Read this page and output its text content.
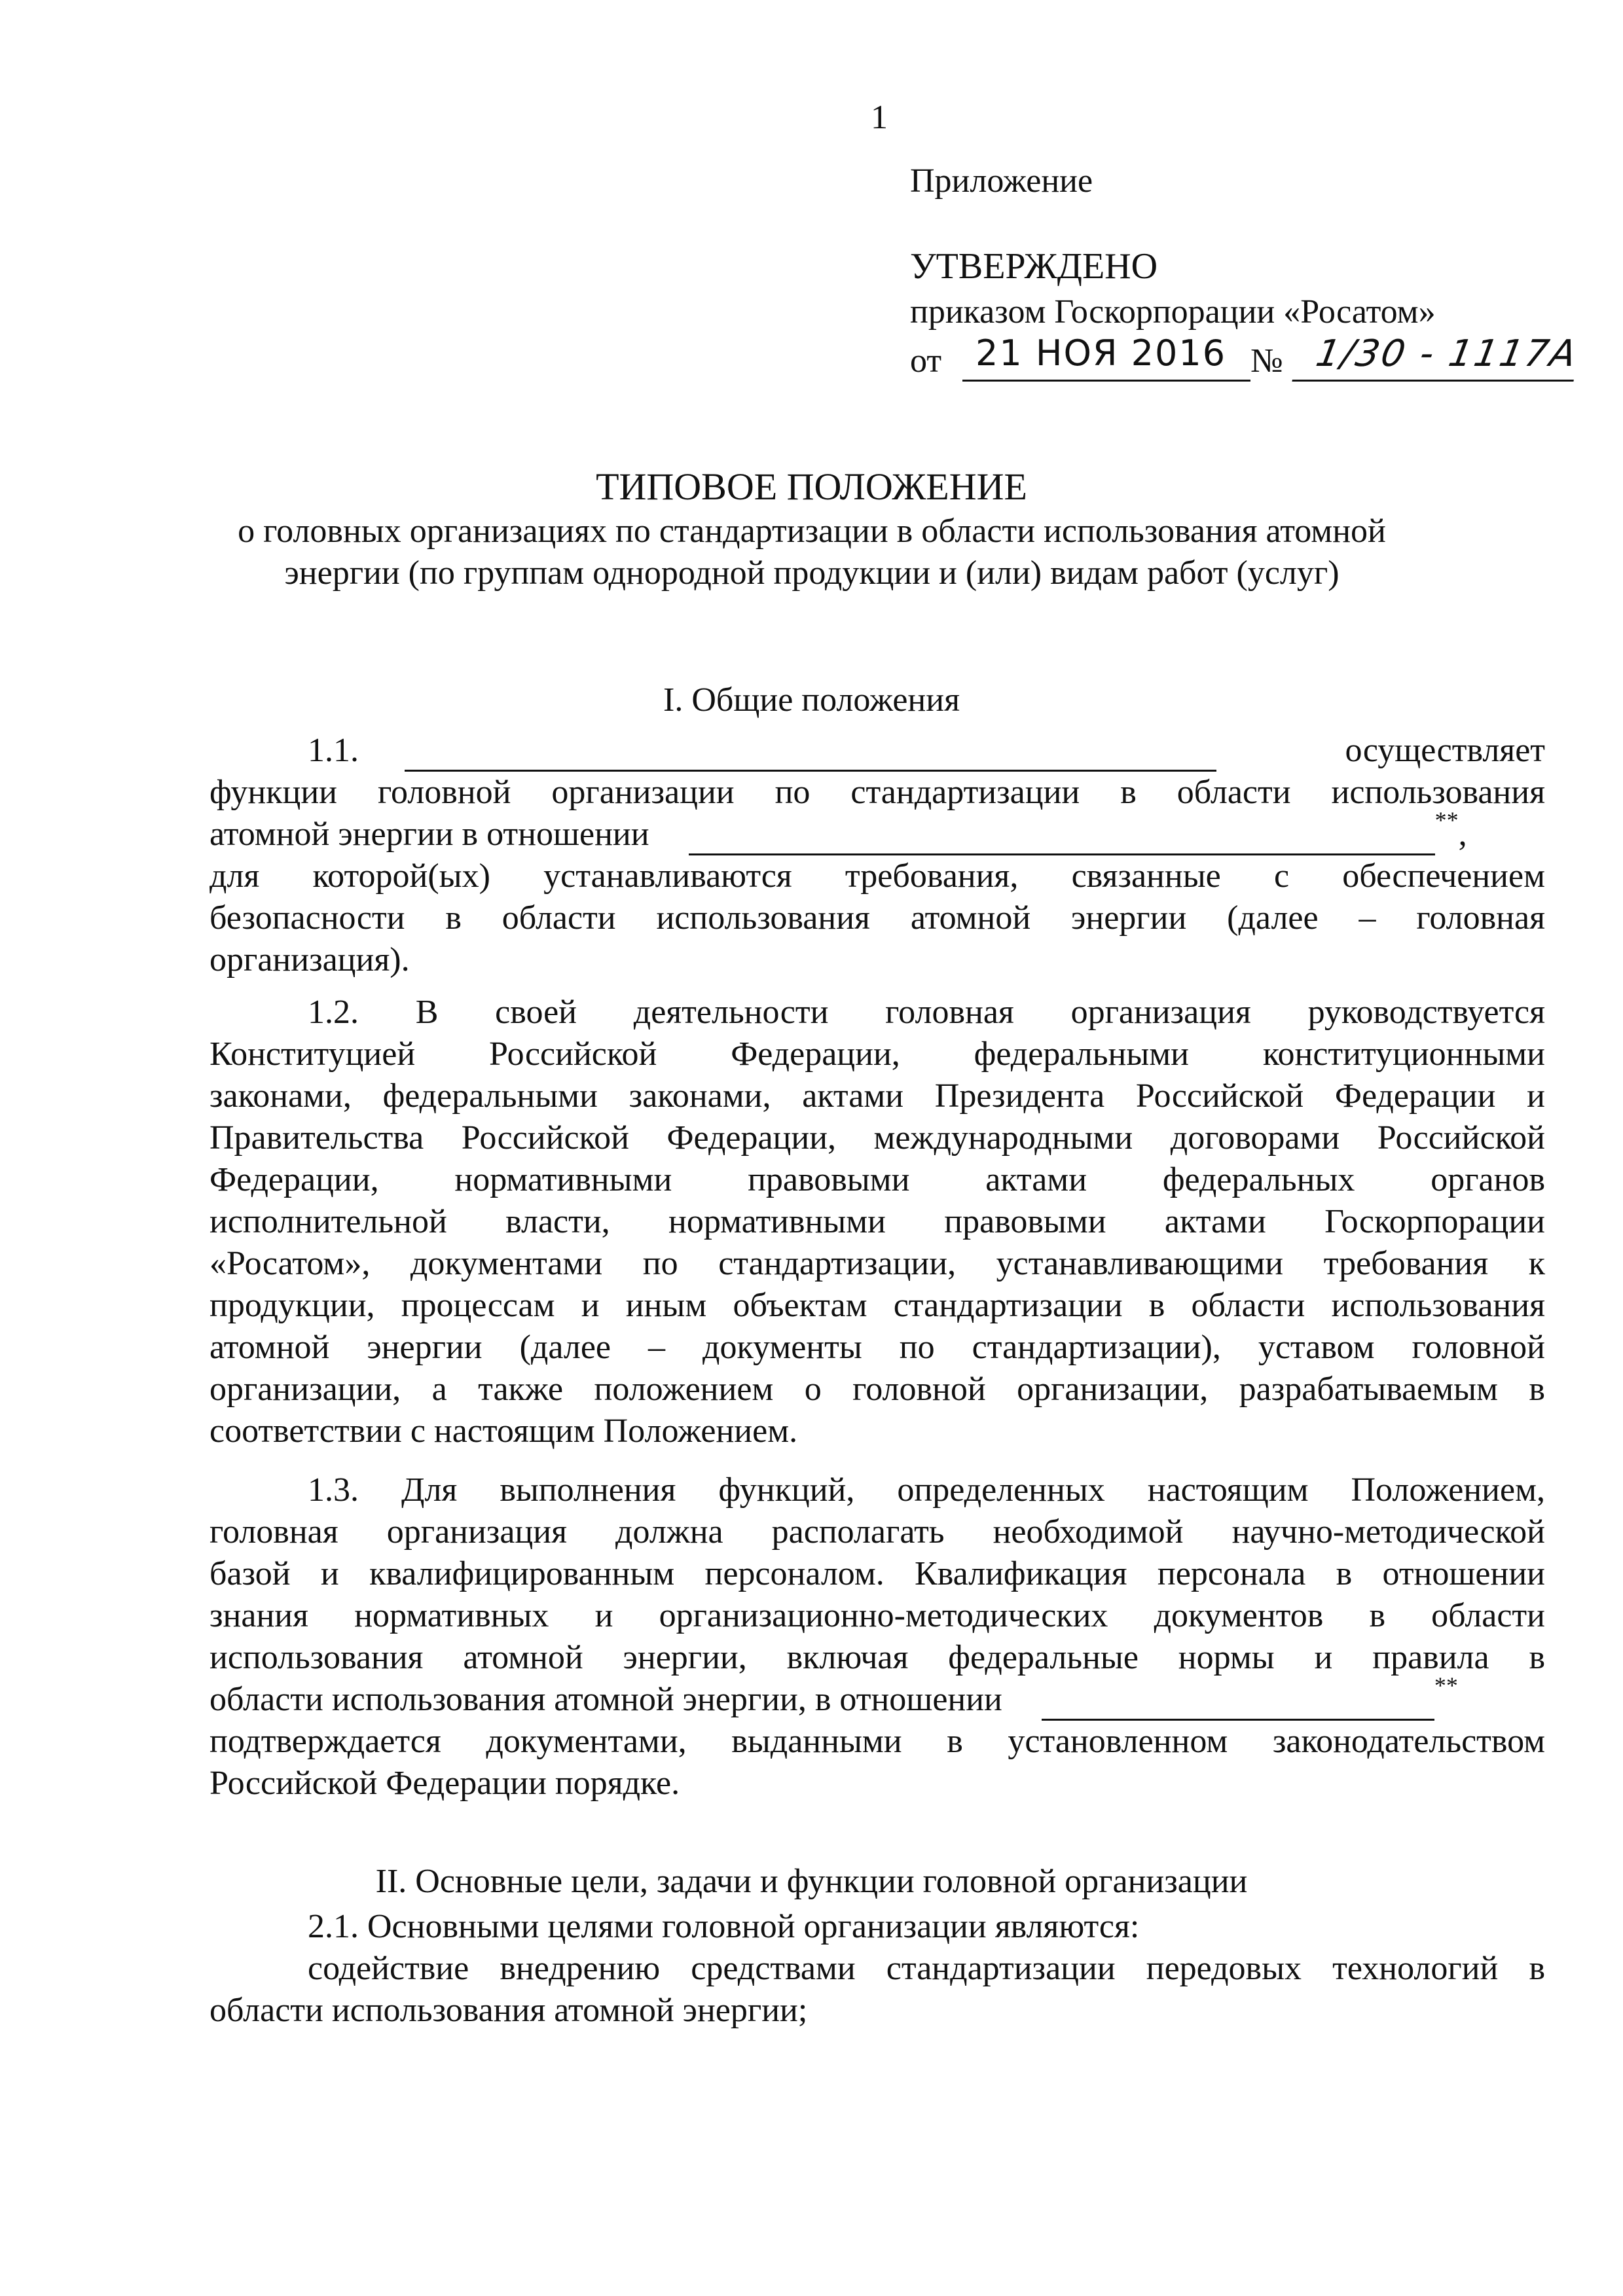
1
Приложение
УТВЕРЖДЕНО
приказом Госкорпорации «Росатом»
от 21 НОЯ 2016 № 1/30 - 1117А
ТИПОВОЕ ПОЛОЖЕНИЕ
о головных организациях по стандартизации в области использования атомной
энергии (по группам однородной продукции и (или) видам работ (услуг)
I. Общие положения
1.1.	осуществляет
функции головной организации по стандартизации в области использования
атомной энергии в отношении	** ,
для которой(ых) устанавливаются требования, связанные с обеспечением
безопасности в области использования атомной энергии (далее – головная
организация).
1.2. В своей деятельности головная организация руководствуется
Конституцией Российской Федерации, федеральными конституционными
законами, федеральными законами, актами Президента Российской Федерации и
Правительства Российской Федерации, международными договорами Российской
Федерации, нормативными правовыми актами федеральных органов
исполнительной власти, нормативными правовыми актами Госкорпорации
«Росатом», документами по стандартизации, устанавливающими требования к
продукции, процессам и иным объектам стандартизации в области использования
атомной энергии (далее – документы по стандартизации), уставом головной
организации, а также положением о головной организации, разрабатываемым в
соответствии с настоящим Положением.
1.3. Для выполнения функций, определенных настоящим Положением,
головная организация должна располагать необходимой научно-методической
базой и квалифицированным персоналом. Квалификация персонала в отношении
знания нормативных и организационно-методических документов в области
использования атомной энергии, включая федеральные нормы и правила в
области использования атомной энергии, в отношении	**
подтверждается документами, выданными в установленном законодательством
Российской Федерации порядке.
II. Основные цели, задачи и функции головной организации
2.1. Основными целями головной организации являются:
содействие внедрению средствами стандартизации передовых технологий в
области использования атомной энергии;
